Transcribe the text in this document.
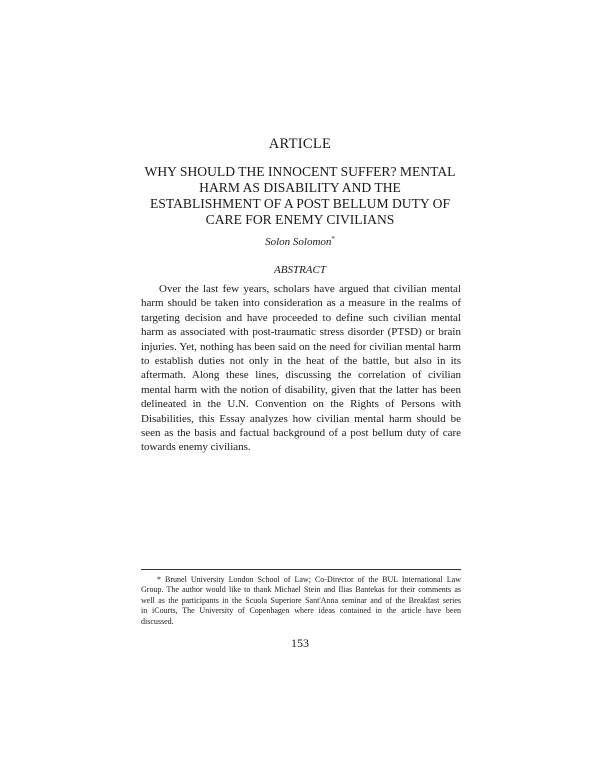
ARTICLE
WHY SHOULD THE INNOCENT SUFFER? MENTAL
HARM AS DISABILITY AND THE
ESTABLISHMENT OF A POST BELLUM DUTY OF
CARE FOR ENEMY CIVILIANS
Solon Solomon*
ABSTRACT
Over the last few years, scholars have argued that civilian mental
harm should be taken into consideration as a measure in the realms of
targeting decision and have proceeded to define such civilian mental
harm as associated with post-traumatic stress disorder (PTSD) or brain
injuries. Yet, nothing has been said on the need for civilian mental harm
to establish duties not only in the heat of the battle, but also in its
aftermath. Along these lines, discussing the correlation of civilian
mental harm with the notion of disability, given that the latter has been
delineated in the U.N. Convention on the Rights of Persons with
Disabilities, this Essay analyzes how civilian mental harm should be
seen as the basis and factual background of a post bellum duty of care
towards enemy civilians.
* Brunel University London School of Law; Co-Director of the BUL International Law
Group. The author would like to thank Michael Stein and Ilias Bantekas for their comments as
well as the participants in the Scuola Superiore Sant'Anna seminar and of the Breakfast series
in iCourts, The University of Copenhagen where ideas contained in the article have been
discussed.
153
